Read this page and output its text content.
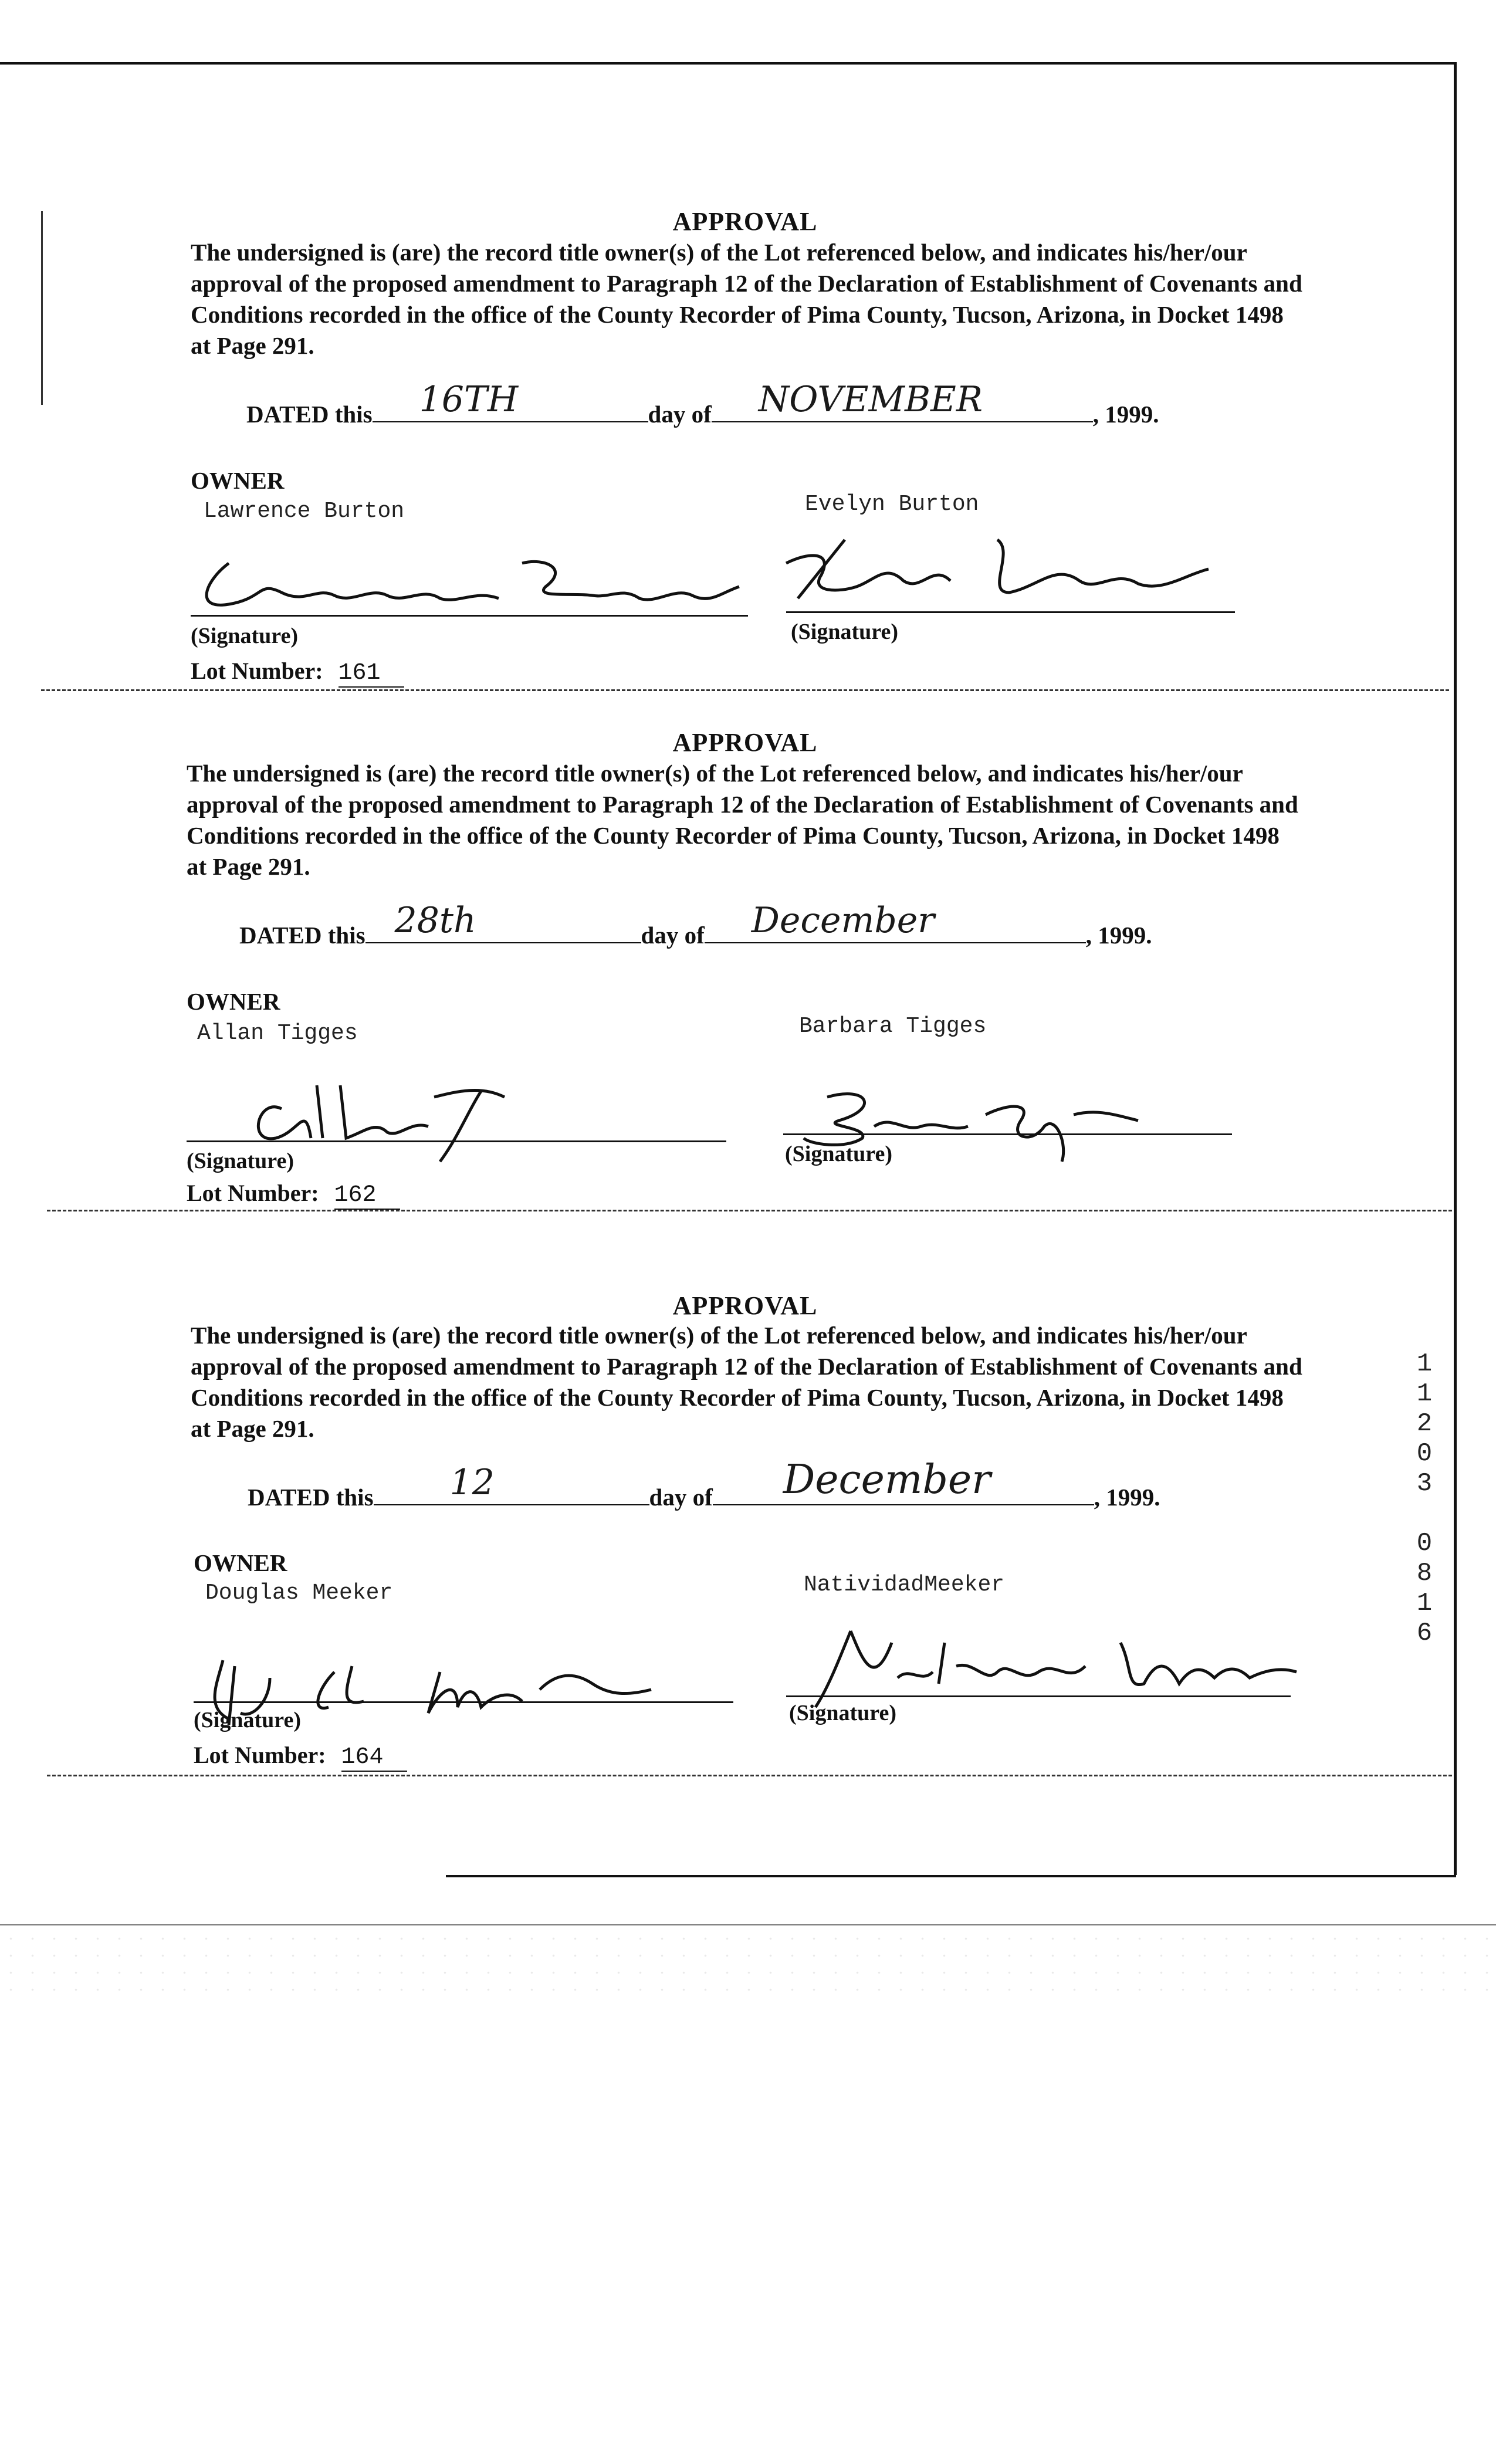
APPROVAL
The undersigned is (are) the record title owner(s) of the Lot referenced below, and indicates his/her/our approval of the proposed amendment to Paragraph 12 of the Declaration of Establishment of Covenants and Conditions recorded in the office of the County Recorder of Pima County, Tucson, Arizona, in Docket 1498 at Page 291.
DATED this 16TH	day of NOVEMBER	, 1999.
OWNER
Lawrence Burton	Evelyn Burton
(Signature)	(Signature)
Lot Number: 161
APPROVAL
The undersigned is (are) the record title owner(s) of the Lot referenced below, and indicates his/her/our approval of the proposed amendment to Paragraph 12 of the Declaration of Establishment of Covenants and Conditions recorded in the office of the County Recorder of Pima County, Tucson, Arizona, in Docket 1498 at Page 291.
DATED this 28th	day of December	, 1999.
OWNER
Allan Tigges	Barbara Tigges
(Signature)	(Signature)
Lot Number: 162
APPROVAL
The undersigned is (are) the record title owner(s) of the Lot referenced below, and indicates his/her/our approval of the proposed amendment to Paragraph 12 of the Declaration of Establishment of Covenants and Conditions recorded in the office of the County Recorder of Pima County, Tucson, Arizona, in Docket 1498 at Page 291.
DATED this 12	day of December	, 1999.
OWNER
Douglas Meeker	NatividadMeeker
(Signature)	(Signature)
Lot Number: 164
1
1
2
0
3

0
8
1
6
